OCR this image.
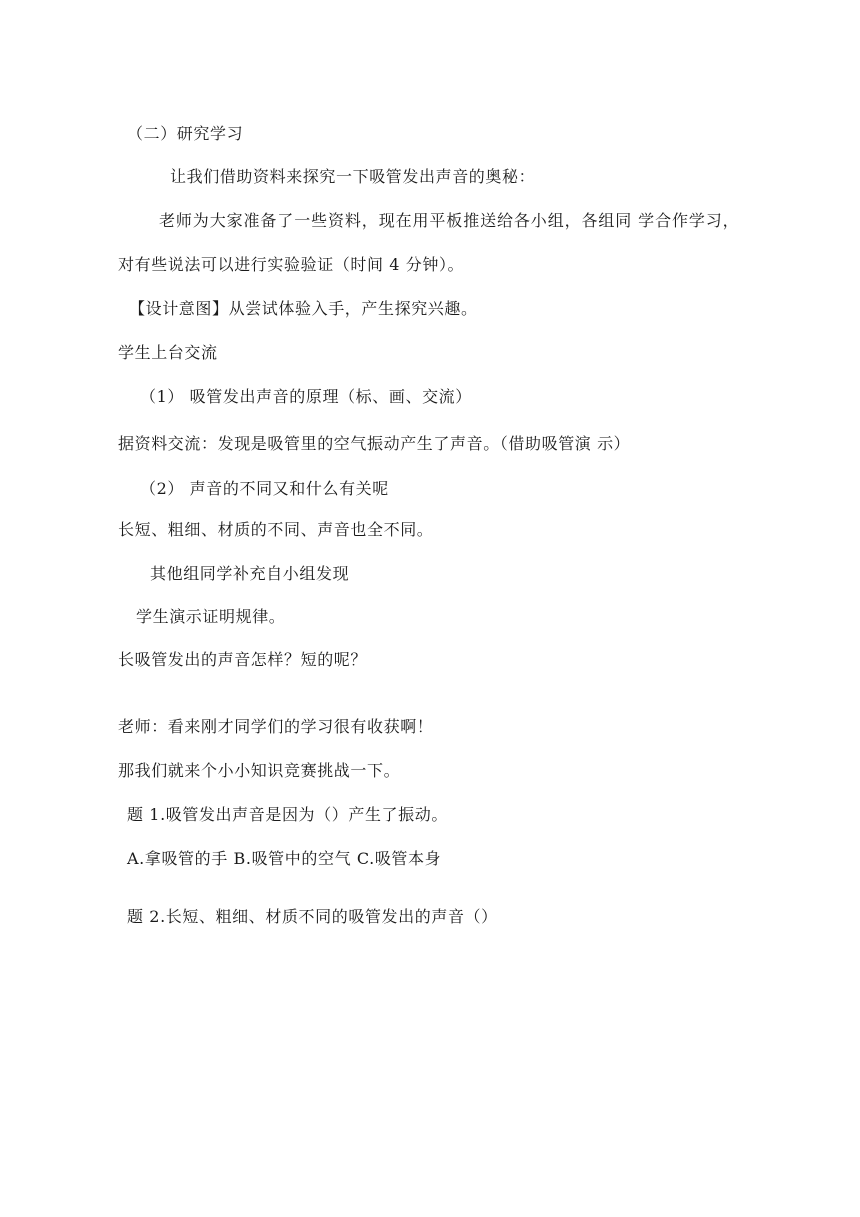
（二）研究学习
让我们借助资料来探究一下吸管发出声音的奥秘：
老师为大家准备了一些资料，现在用平板推送给各小组，各组同 学合作学习，
对有些说法可以进行实验验证（时间 4 分钟）。
【设计意图】从尝试体验入手，产生探究兴趣。
学生上台交流
（1） 吸管发出声音的原理（标、画、交流）
据资料交流：发现是吸管里的空气振动产生了声音。（借助吸管演 示）
（2） 声音的不同又和什么有关呢
长短、粗细、材质的不同、声音也全不同。
其他组同学补充自小组发现
学生演示证明规律。
长吸管发出的声音怎样？短的呢？
老师：看来刚才同学们的学习很有收获啊！
那我们就来个小小知识竞赛挑战一下。
题 1.吸管发出声音是因为（）产生了振动。
A.拿吸管的手 B.吸管中的空气 C.吸管本身
题 2.长短、粗细、材质不同的吸管发出的声音（）
